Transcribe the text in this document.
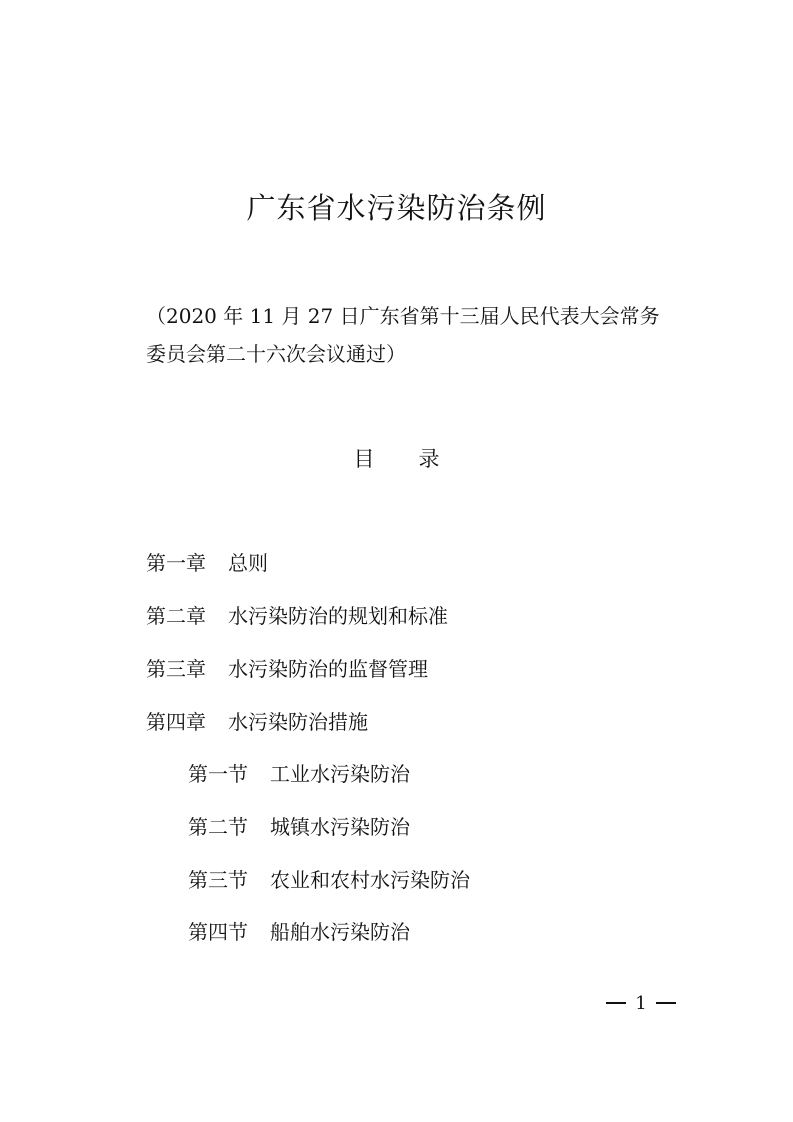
广东省水污染防治条例
（2020 年 11 月 27 日广东省第十三届人民代表大会常务
委员会第二十六次会议通过）
目 录
第一章 总则
第二章 水污染防治的规划和标准
第三章 水污染防治的监督管理
第四章 水污染防治措施
第一节 工业水污染防治
第二节 城镇水污染防治
第三节 农业和农村水污染防治
第四节 船舶水污染防治
1
